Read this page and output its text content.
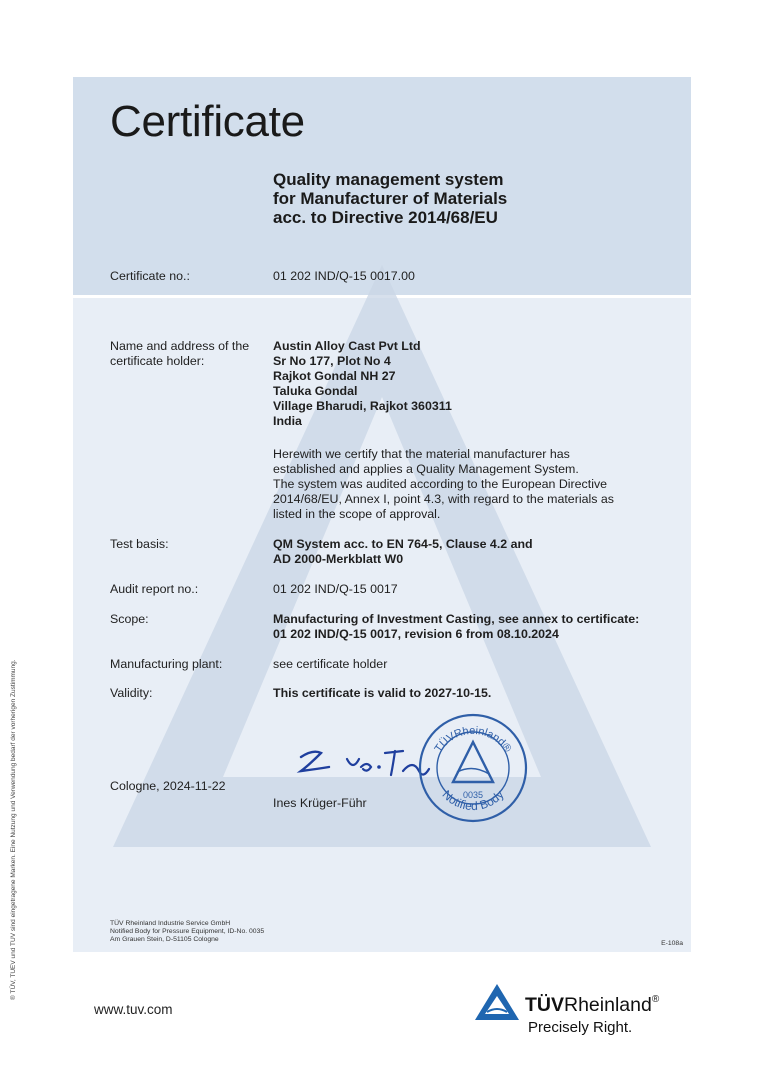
Certificate
Quality management system
for Manufacturer of Materials
acc. to Directive 2014/68/EU
Certificate no.:	01 202 IND/Q-15 0017.00
Name and address of the
certificate holder:
Austin Alloy Cast Pvt Ltd
Sr No 177, Plot No 4
Rajkot Gondal NH 27
Taluka Gondal
Village Bharudi, Rajkot 360311
India
Herewith we certify that the material manufacturer has
established and applies a Quality Management System.
The system was audited according to the European Directive
2014/68/EU, Annex I, point 4.3, with regard to the materials as
listed in the scope of approval.
Test basis:	QM System acc. to EN 764-5, Clause 4.2 and
AD 2000-Merkblatt W0
Audit report no.:	01 202 IND/Q-15 0017
Scope:	Manufacturing of Investment Casting, see annex to certificate:
01 202 IND/Q-15 0017, revision 6 from 08.10.2024
Manufacturing plant:	see certificate holder
Validity:	This certificate is valid to 2027-10-15.
Cologne, 2024-11-22
Ines Krüger-Führ
TÜVRheinland®
Notified Body
0035
TÜV Rheinland Industrie Service GmbH
Notified Body for Pressure Equipment, ID-No. 0035
Am Grauen Stein, D-51105 Cologne
E-108a
® TÜV, TUEV und TUV sind eingetragene Marken. Eine Nutzung und Verwendung bedarf der vorherigen Zustimmung.
www.tuv.com	TÜVRheinland®
Precisely Right.
